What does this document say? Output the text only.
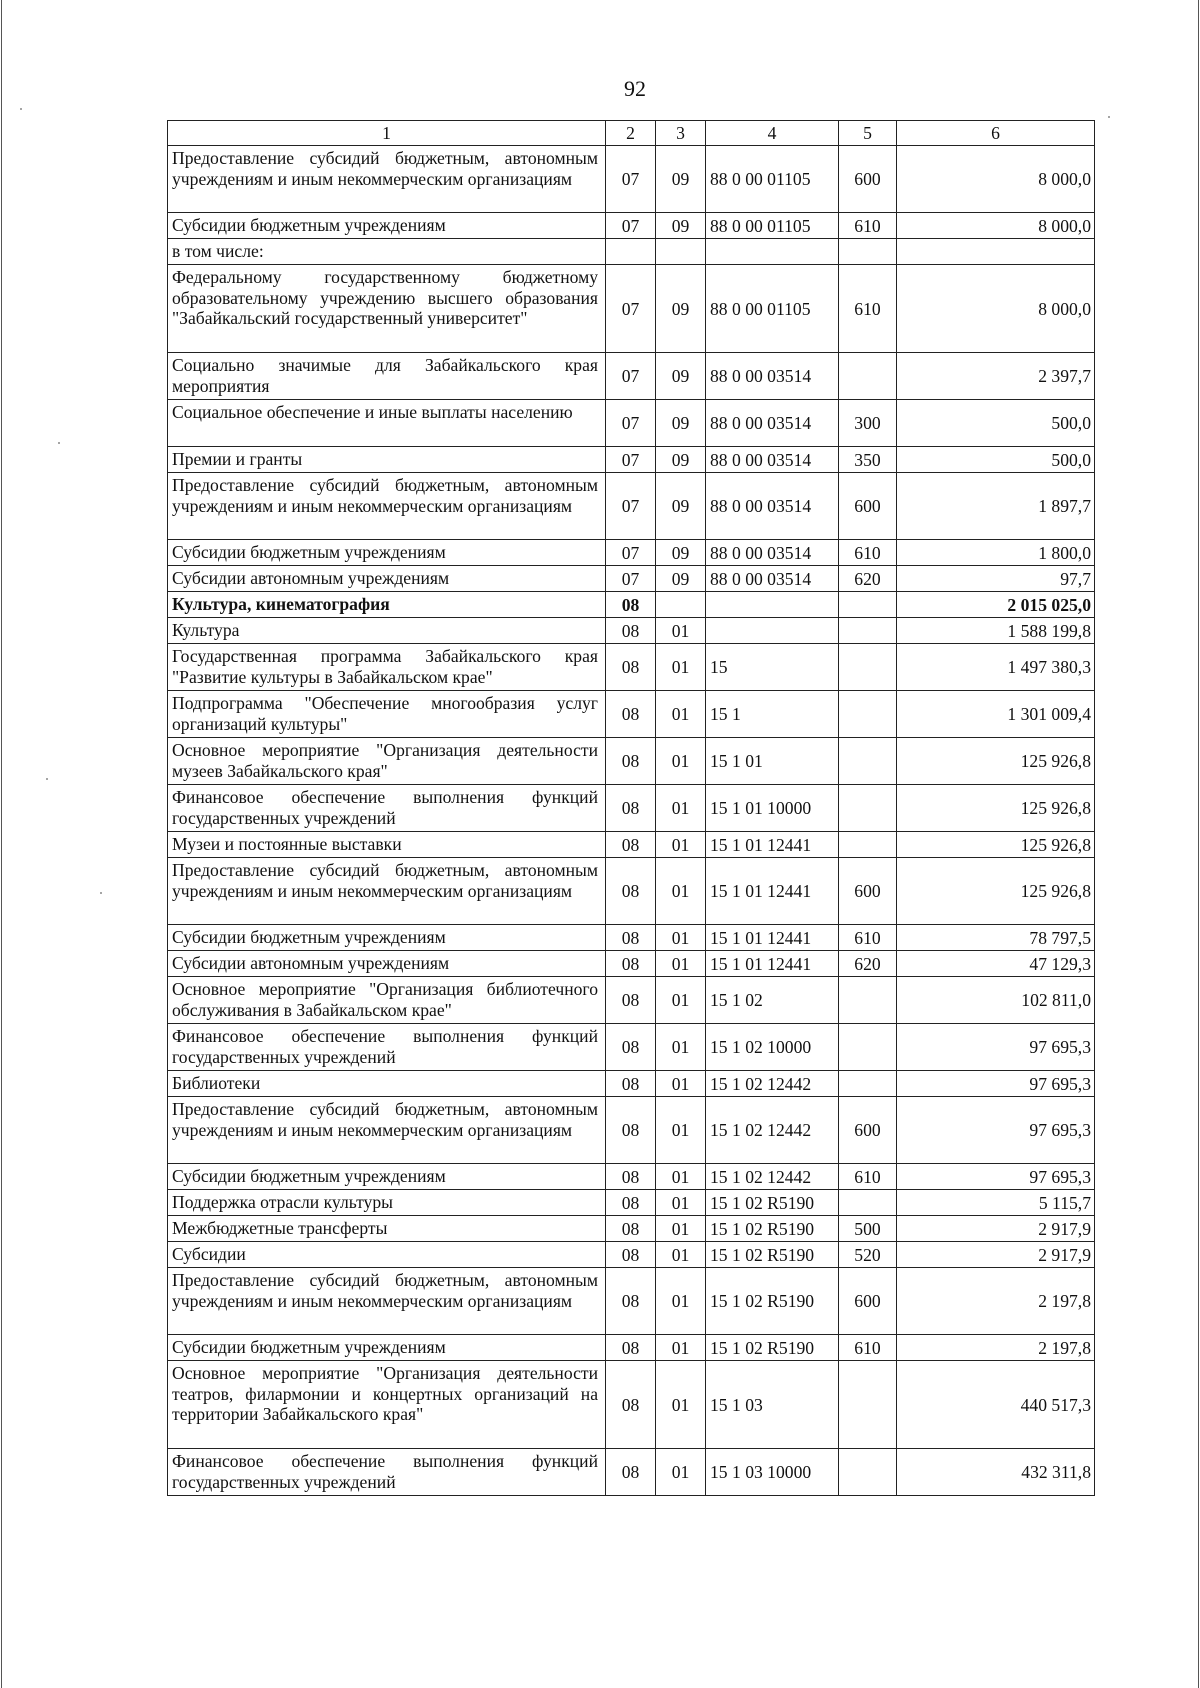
92
1	2	3	4	5	6
Предоставление субсидий бюджетным, автономным учреждениям и иным некоммерческим организациям	07	09	88 0 00 01105	600	8 000,0
Субсидии бюджетным учреждениям	07	09	88 0 00 01105	610	8 000,0
в том числе:					
Федеральному государственному бюджетному образовательному учреждению высшего образования "Забайкальский государственный университет"	07	09	88 0 00 01105	610	8 000,0
Социально значимые для Забайкальского края мероприятия	07	09	88 0 00 03514		2 397,7
Социальное обеспечение и иные выплаты населению	07	09	88 0 00 03514	300	500,0
Премии и гранты	07	09	88 0 00 03514	350	500,0
Предоставление субсидий бюджетным, автономным учреждениям и иным некоммерческим организациям	07	09	88 0 00 03514	600	1 897,7
Субсидии бюджетным учреждениям	07	09	88 0 00 03514	610	1 800,0
Субсидии автономным учреждениям	07	09	88 0 00 03514	620	97,7
Культура, кинематография	08				2 015 025,0
Культура	08	01			1 588 199,8
Государственная программа Забайкальского края "Развитие культуры в Забайкальском крае"	08	01	15		1 497 380,3
Подпрограмма "Обеспечение многообразия услуг организаций культуры"	08	01	15 1		1 301 009,4
Основное мероприятие "Организация деятельности музеев Забайкальского края"	08	01	15 1 01		125 926,8
Финансовое обеспечение выполнения функций государственных учреждений	08	01	15 1 01 10000		125 926,8
Музеи и постоянные выставки	08	01	15 1 01 12441		125 926,8
Предоставление субсидий бюджетным, автономным учреждениям и иным некоммерческим организациям	08	01	15 1 01 12441	600	125 926,8
Субсидии бюджетным учреждениям	08	01	15 1 01 12441	610	78 797,5
Субсидии автономным учреждениям	08	01	15 1 01 12441	620	47 129,3
Основное мероприятие "Организация библиотечного обслуживания в Забайкальском крае"	08	01	15 1 02		102 811,0
Финансовое обеспечение выполнения функций государственных учреждений	08	01	15 1 02 10000		97 695,3
Библиотеки	08	01	15 1 02 12442		97 695,3
Предоставление субсидий бюджетным, автономным учреждениям и иным некоммерческим организациям	08	01	15 1 02 12442	600	97 695,3
Субсидии бюджетным учреждениям	08	01	15 1 02 12442	610	97 695,3
Поддержка отрасли культуры	08	01	15 1 02 R5190		5 115,7
Межбюджетные трансферты	08	01	15 1 02 R5190	500	2 917,9
Субсидии	08	01	15 1 02 R5190	520	2 917,9
Предоставление субсидий бюджетным, автономным учреждениям и иным некоммерческим организациям	08	01	15 1 02 R5190	600	2 197,8
Субсидии бюджетным учреждениям	08	01	15 1 02 R5190	610	2 197,8
Основное мероприятие "Организация деятельности театров, филармонии и концертных организаций на территории Забайкальского края"	08	01	15 1 03		440 517,3
Финансовое обеспечение выполнения функций государственных учреждений	08	01	15 1 03 10000		432 311,8
